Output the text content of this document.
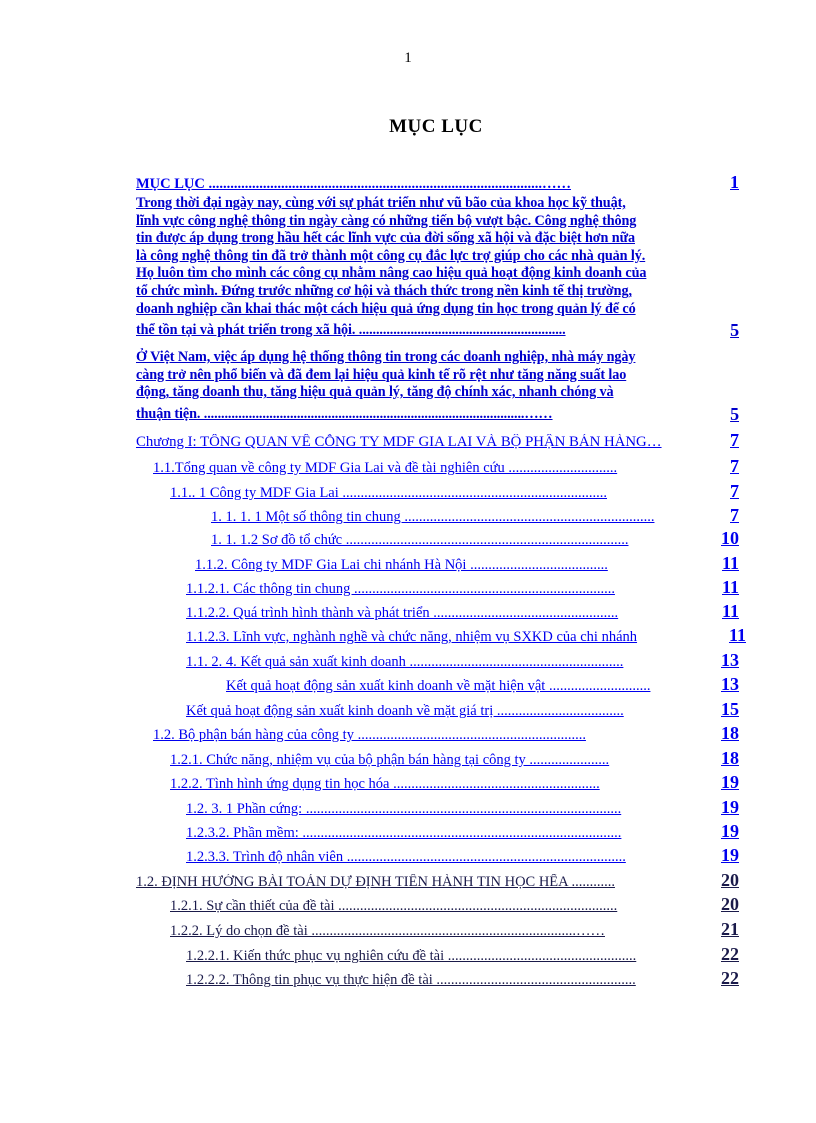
1
MỤC LỤC
MỤC LỤC ............................................................................................……	1
Trong thời đại ngày nay, cùng với sự phát triển như vũ bão của khoa học kỹ thuật,
lĩnh vực công nghệ thông tin ngày càng có những tiến bộ vượt bậc. Công nghệ thông
tin được áp dụng trong hầu hết các lĩnh vực của đời sống xã hội và đặc biệt hơn nữa
là công nghệ thông tin đã trở thành một công cụ đắc lực trợ giúp cho các nhà quản lý.
Họ luôn tìm cho mình các công cụ nhằm nâng cao hiệu quả hoạt động kinh doanh của
tổ chức mình. Đứng trước những cơ hội và thách thức trong nền kinh tế thị trường,
doanh nghiệp cần khai thác một cách hiệu quả ứng dụng tin học trong quản lý để có
thể tồn tại và phát triển trong xã hội. ............................................................	5
Ở Việt Nam, việc áp dụng hệ thống thông tin trong các doanh nghiệp, nhà máy ngày
càng trở nên phổ biến và đã đem lại hiệu quả kinh tế rõ rệt như tăng năng suất lao
động, tăng doanh thu, tăng hiệu quả quản lý, tăng độ chính xác, nhanh chóng và
thuận tiện. .............................................................................................……	5
Chương I: TỔNG QUAN VỀ CỖNG TY MDF GIA LAI VÀ BỘ PHẬN BÁN HÀNG…	7
1.1.Tổng quan về công ty MDF Gia Lai và đề tài nghiên cứu ..............................	7
1.1.. 1 Công ty MDF Gia Lai .........................................................................	7
1. 1. 1. 1 Một số thông tin chung .....................................................................	7
1. 1. 1.2 Sơ đồ tổ chức ..............................................................................	10
1.1.2. Công ty MDF Gia Lai chi nhánh Hà Nội ......................................	11
1.1.2.1. Các thông tin chung ........................................................................	11
1.1.2.2. Quá trình hình thành và phát triển ...................................................	11
1.1.2.3. Lĩnh vực, nghành nghề và chức năng, nhiệm vụ SXKD của chi nhánh	11
1.1. 2. 4. Kết quả sản xuất kinh doanh ...........................................................	13
Kết quả hoạt động sản xuất kinh doanh về mặt hiện vật ............................	13
Kết quả hoạt động sản xuất kinh doanh về mặt giá trị ...................................	15
1.2. Bộ phận bán hàng của công ty ...............................................................	18
1.2.1. Chức năng, nhiệm vụ của bộ phận bán hàng tại công ty ......................	18
1.2.2. Tình hình ứng dụng tin học hóa .........................................................	19
1.2. 3. 1 Phần cứng: .......................................................................................	19
1.2.3.2. Phần mềm: ........................................................................................	19
1.2.3.3. Trình độ nhân viên .............................................................................	19
1.2. ĐỊNH HƯỚNG BÀI TOÁN DỰ ĐỊNH TIẾN HÀNH TIN HỌC HỂA ............	20
1.2.1. Sự cần thiết của đề tài .............................................................................	20
1.2.2. Lý do chọn đề tài .........................................................................……	21
1.2.2.1. Kiến thức phục vụ nghiên cứu đề tài ....................................................	22
1.2.2.2. Thông tin phục vụ thực hiện đề tài .......................................................	22
